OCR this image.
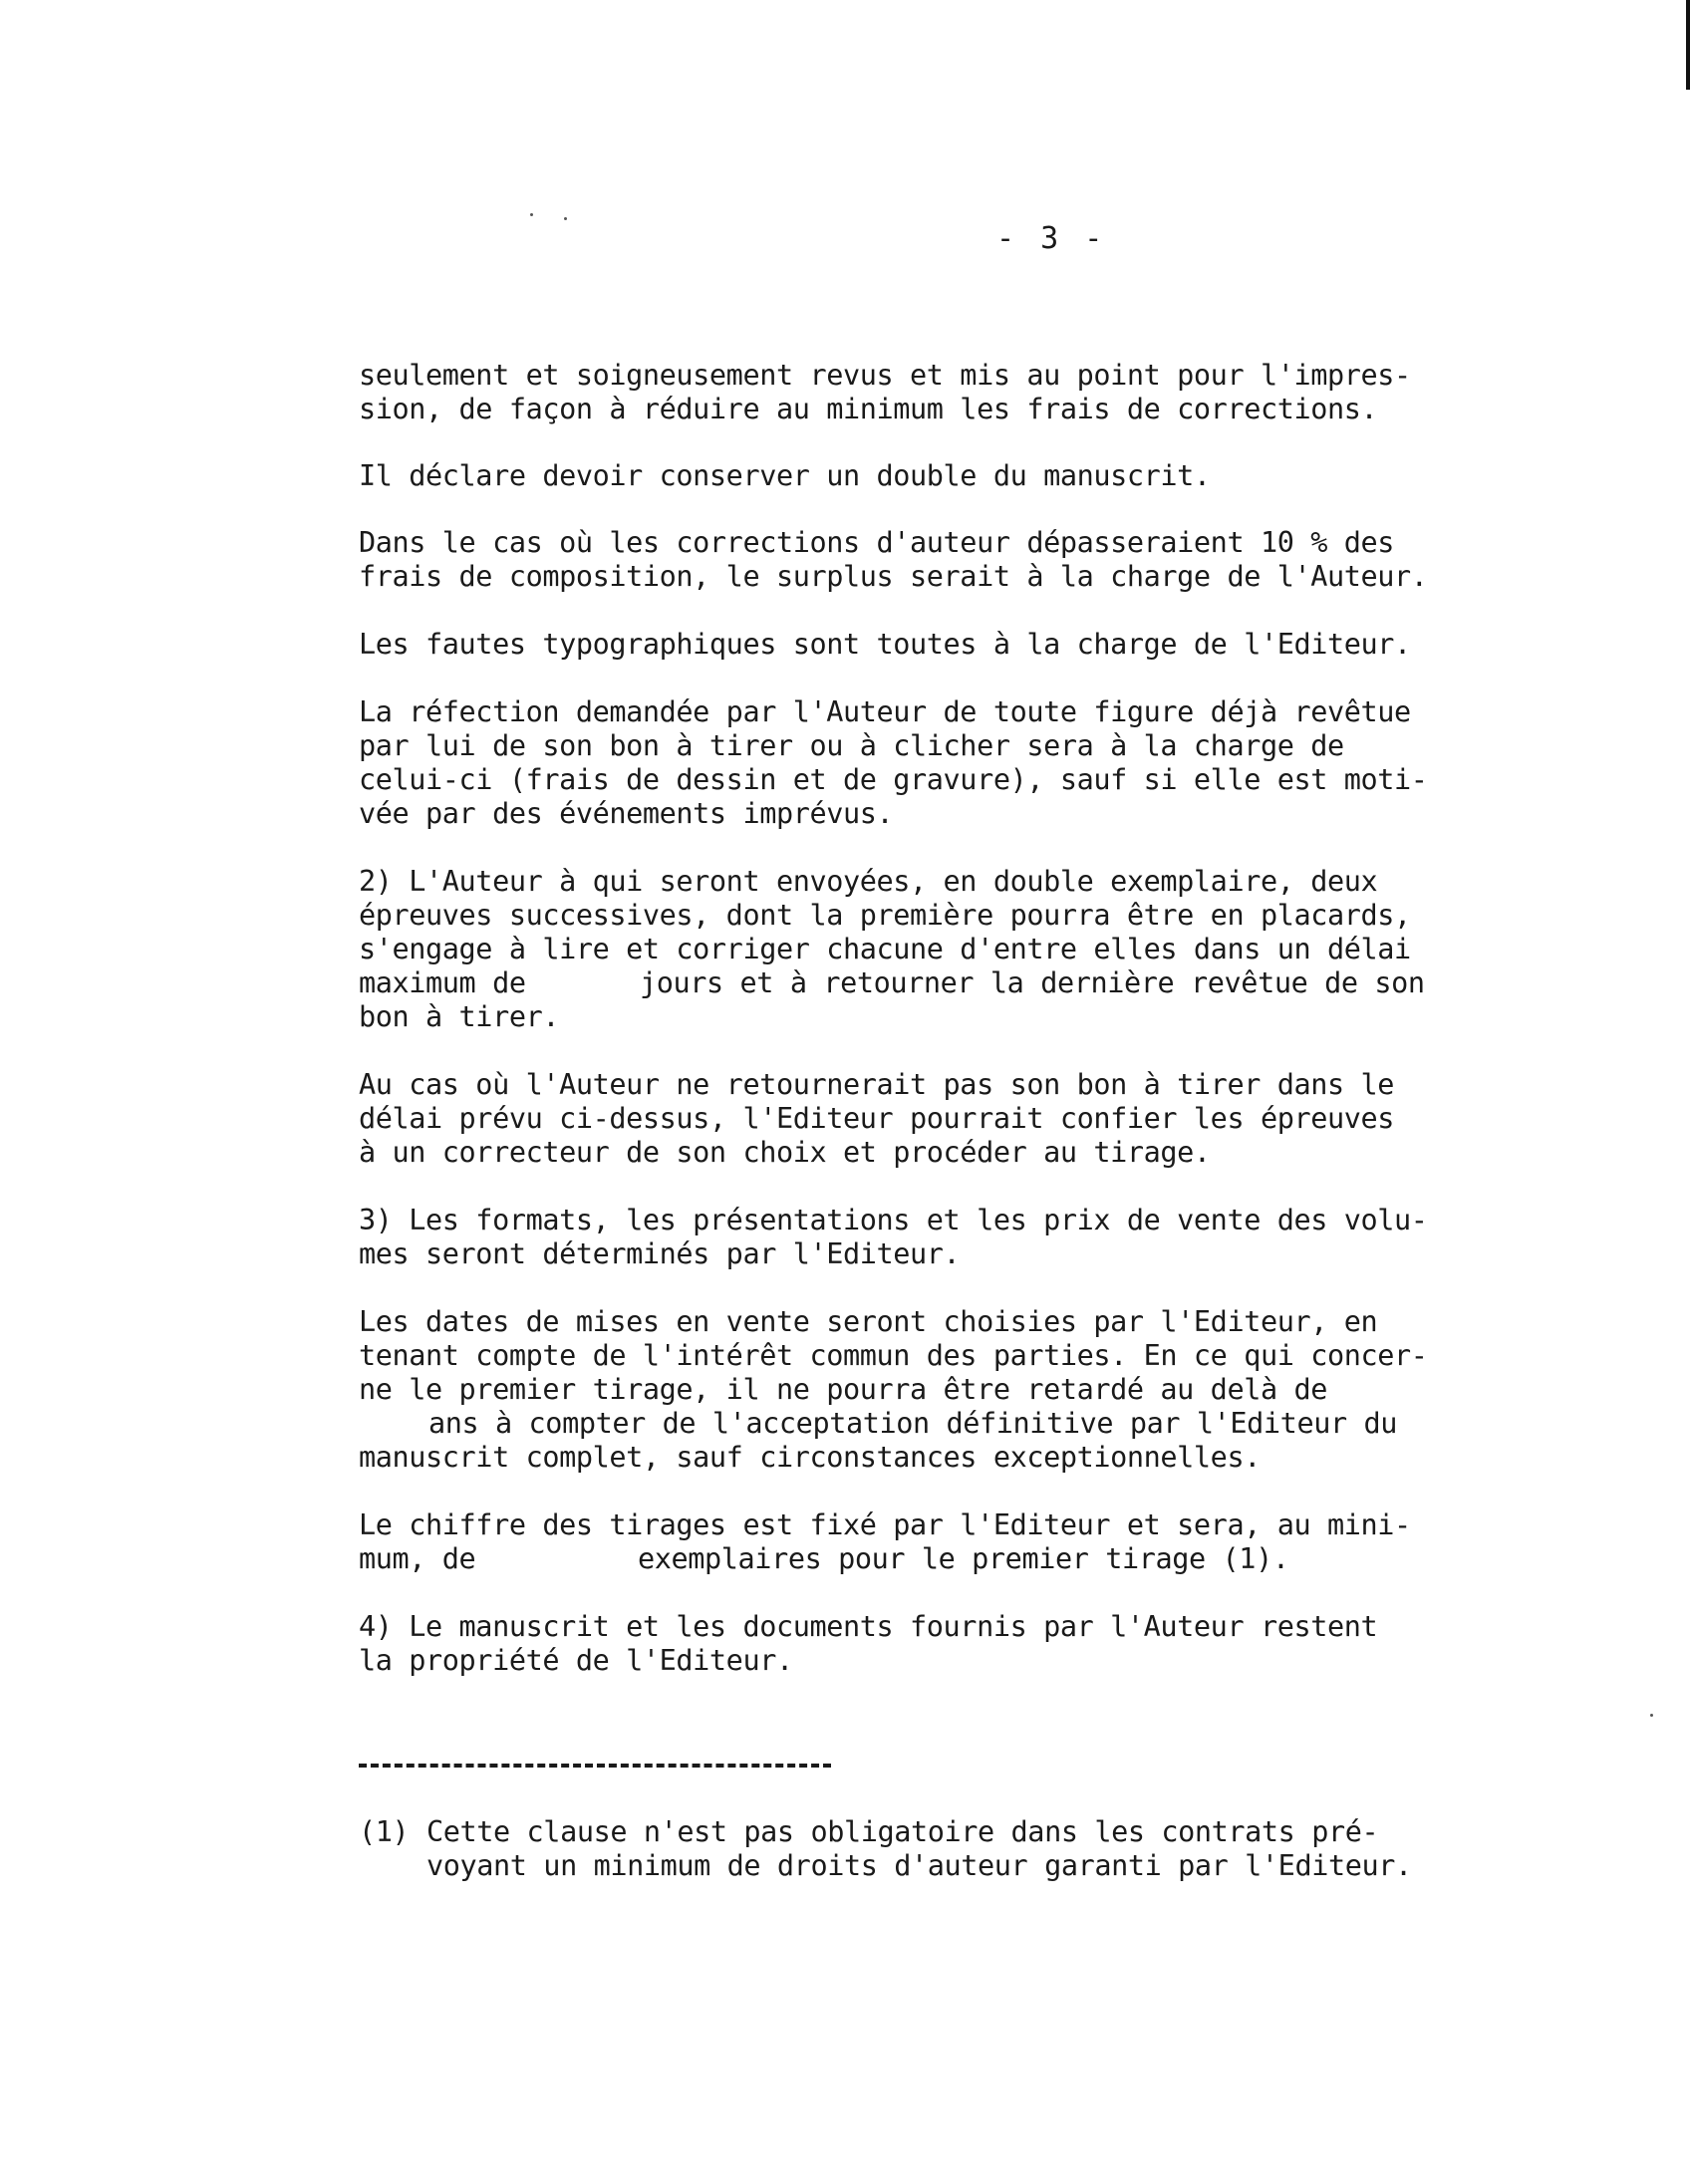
- 3 -
seulement et soigneusement revus et mis au point pour l'impres-
sion, de façon à réduire au minimum les frais de corrections.
Il déclare devoir conserver un double du manuscrit.
Dans le cas où les corrections d'auteur dépasseraient 10 % des
frais de composition, le surplus serait à la charge de l'Auteur.
Les fautes typographiques sont toutes à la charge de l'Editeur.
La réfection demandée par l'Auteur de toute figure déjà revêtue
par lui de son bon à tirer ou à clicher sera à la charge de
celui-ci (frais de dessin et de gravure), sauf si elle est moti-
vée par des événements imprévus.
2) L'Auteur à qui seront envoyées, en double exemplaire, deux
épreuves successives, dont la première pourra être en placards,
s'engage à lire et corriger chacune d'entre elles dans un délai
maximum de	jours et à retourner la dernière revêtue de son
bon à tirer.
Au cas où l'Auteur ne retournerait pas son bon à tirer dans le
délai prévu ci-dessus, l'Editeur pourrait confier les épreuves
à un correcteur de son choix et procéder au tirage.
3) Les formats, les présentations et les prix de vente des volu-
mes seront déterminés par l'Editeur.
Les dates de mises en vente seront choisies par l'Editeur, en
tenant compte de l'intérêt commun des parties. En ce qui concer-
ne le premier tirage, il ne pourra être retardé au delà de
ans à compter de l'acceptation définitive par l'Editeur du
manuscrit complet, sauf circonstances exceptionnelles.
Le chiffre des tirages est fixé par l'Editeur et sera, au mini-
mum, de	exemplaires pour le premier tirage (1).
4) Le manuscrit et les documents fournis par l'Auteur restent
la propriété de l'Editeur.
(1) Cette clause n'est pas obligatoire dans les contrats pré-
voyant un minimum de droits d'auteur garanti par l'Editeur.
